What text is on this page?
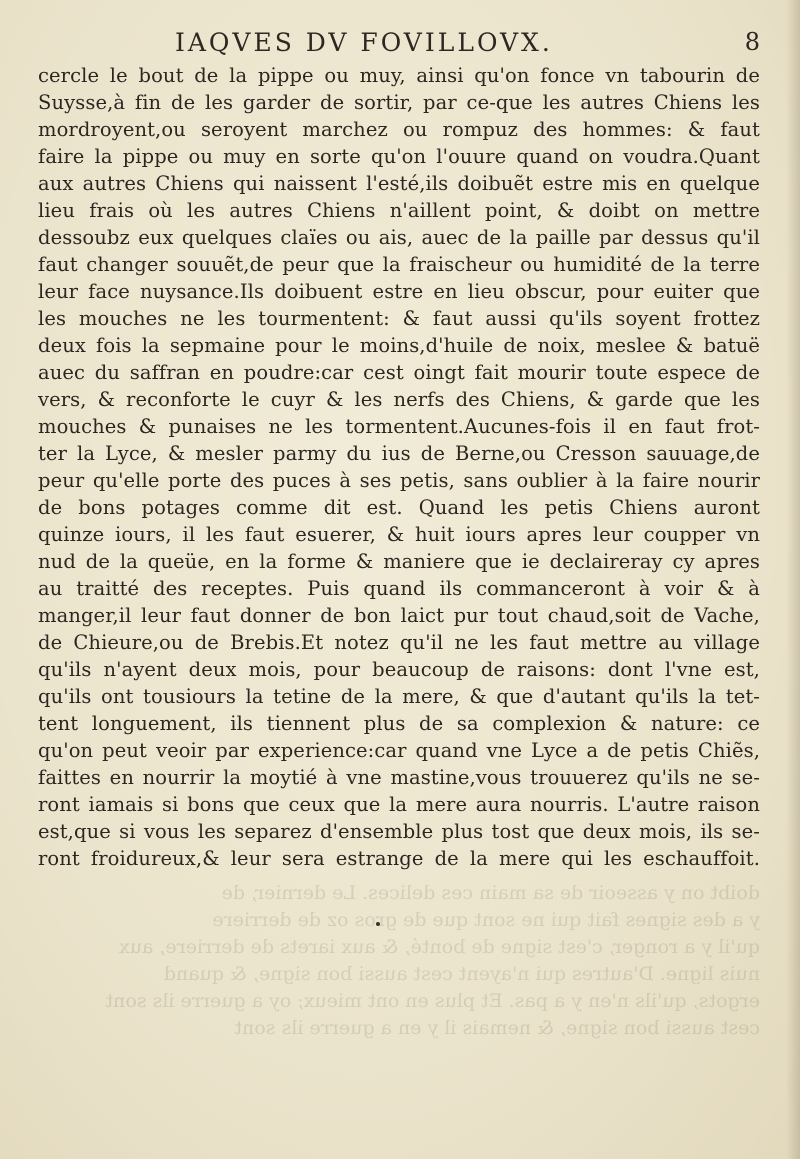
IAQVES DV FOVILLOVX.	8
cercle le bout de la pippe ou muy, ainsi qu'on fonce vn tabourin de
Suysse,à fin de les garder de sortir, par ce-que les autres Chiens les
mordroyent,ou seroyent marchez ou rompuz des hommes: & faut
faire la pippe ou muy en sorte qu'on l'ouure quand on voudra.Quant
aux autres Chiens qui naissent l'esté,ils doibuẽt estre mis en quelque
lieu frais où les autres Chiens n'aillent point, & doibt on mettre
dessoubz eux quelques claïes ou ais, auec de la paille par dessus qu'il
faut changer souuẽt,de peur que la fraischeur ou humidité de la terre
leur face nuysance.Ils doibuent estre en lieu obscur, pour euiter que
les mouches ne les tourmentent: & faut aussi qu'ils soyent frottez
deux fois la sepmaine pour le moins,d'huile de noix, meslee & batuë
auec du saffran en poudre:car cest oingt fait mourir toute espece de
vers, & reconforte le cuyr & les nerfs des Chiens, & garde que les
mouches & punaises ne les tormentent.Aucunes-fois il en faut frot-
ter la Lyce, & mesler parmy du ius de Berne,ou Cresson sauuage,de
peur qu'elle porte des puces à ses petis, sans oublier à la faire nourir
de bons potages comme dit est. Quand les petis Chiens auront
quinze iours, il les faut esuerer, & huit iours apres leur coupper vn
nud de la queüe, en la forme & maniere que ie declaireray cy apres
au traitté des receptes. Puis quand ils commanceront à voir & à
manger,il leur faut donner de bon laict pur tout chaud,soit de Vache,
de Chieure,ou de Brebis.Et notez qu'il ne les faut mettre au village
qu'ils n'ayent deux mois, pour beaucoup de raisons: dont l'vne est,
qu'ils ont tousiours la tetine de la mere, & que d'autant qu'ils la tet-
tent longuement, ils tiennent plus de sa complexion & nature: ce
qu'on peut veoir par experience:car quand vne Lyce a de petis Chiẽs,
faittes en nourrir la moytié à vne mastine,vous trouuerez qu'ils ne se-
ront iamais si bons que ceux que la mere aura nourris. L'autre raison
est,que si vous les separez d'ensemble plus tost que deux mois, ils se-
ront froidureux,& leur sera estrange de la mere qui les eschauffoit.
doibt on y asseoir de sa main ces delices. Le dernier, de
y a des signes fait qui ne sont que de gros oz de derriere
qu'il y a ronger, c'est signe de bonté, & aux iarets de derriere, aux
nuis ligne. D'autres qui n'ayent cest aussi bon signe, & quand
ergots, qu'ils n'en y a pas. Et plus en ont mieux; oy a guerre ils sont
cest aussi bon signe, & nemais il y en a guerre ils sont
